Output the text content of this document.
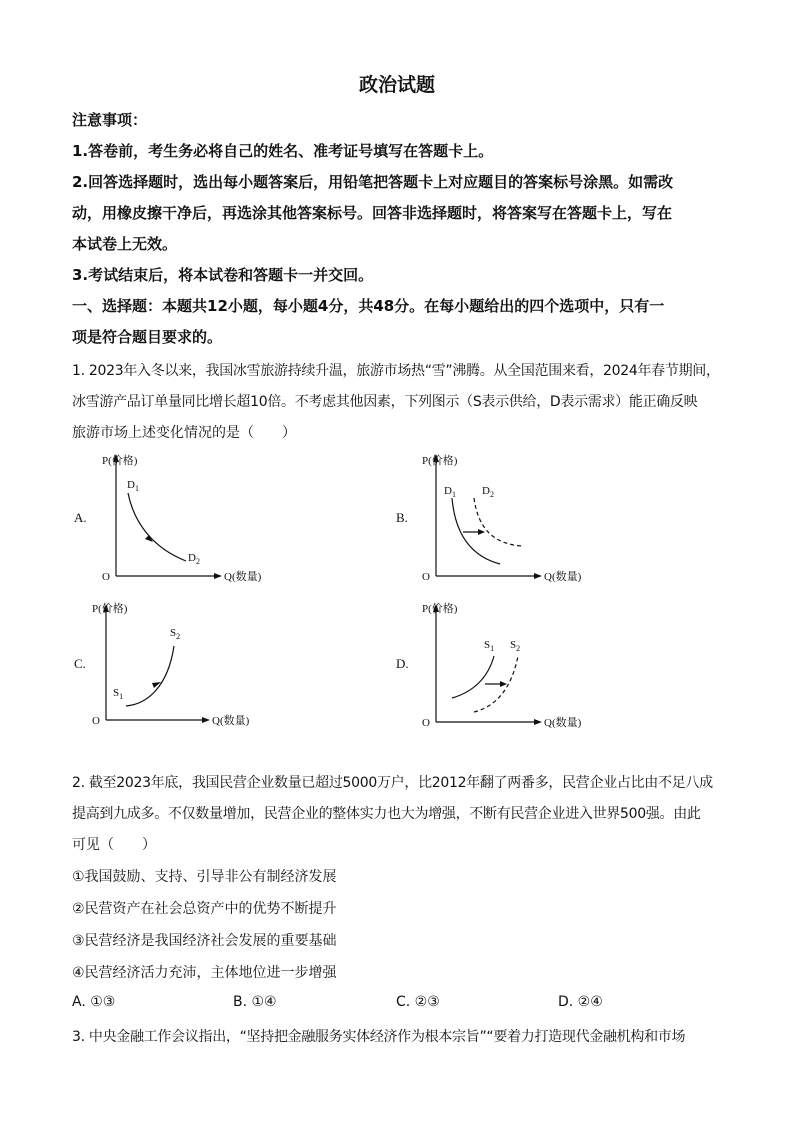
政治试题
注意事项：
1.答卷前，考生务必将自己的姓名、准考证号填写在答题卡上。
2.回答选择题时，选出每小题答案后，用铅笔把答题卡上对应题目的答案标号涂黑。如需改
动，用橡皮擦干净后，再选涂其他答案标号。回答非选择题时，将答案写在答题卡上，写在
本试卷上无效。
3.考试结束后，将本试卷和答题卡一并交回。
一、选择题：本题共12小题，每小题4分，共48分。在每小题给出的四个选项中，只有一
项是符合题目要求的。
1. 2023年入冬以来，我国冰雪旅游持续升温，旅游市场热“雪”沸腾。从全国范围来看，2024年春节期间，
冰雪游产品订单量同比增长超10倍。不考虑其他因素，下列图示（S表示供给，D表示需求）能正确反映
旅游市场上述变化情况的是（　　）
A.
P(价格)
Q(数量)
O
$D_1$
$D_2$
B.
P(价格)
Q(数量)
O
$D_1$ $D_2$
C.
P(价格)
Q(数量)
O
$S_1$
$S_2$
D.
P(价格)
Q(数量)
O
$S_1$ $S_2$
2. 截至2023年底，我国民营企业数量已超过5000万户，比2012年翻了两番多，民营企业占比由不足八成
提高到九成多。不仅数量增加，民营企业的整体实力也大为增强，不断有民营企业进入世界500强。由此
可见（　　）
①我国鼓励、支持、引导非公有制经济发展
②民营资产在社会总资产中的优势不断提升
③民营经济是我国经济社会发展的重要基础
④民营经济活力充沛，主体地位进一步增强
A. ①③	B. ①④	C. ②③	D. ②④
3. 中央金融工作会议指出，“坚持把金融服务实体经济作为根本宗旨”“要着力打造现代金融机构和市场
